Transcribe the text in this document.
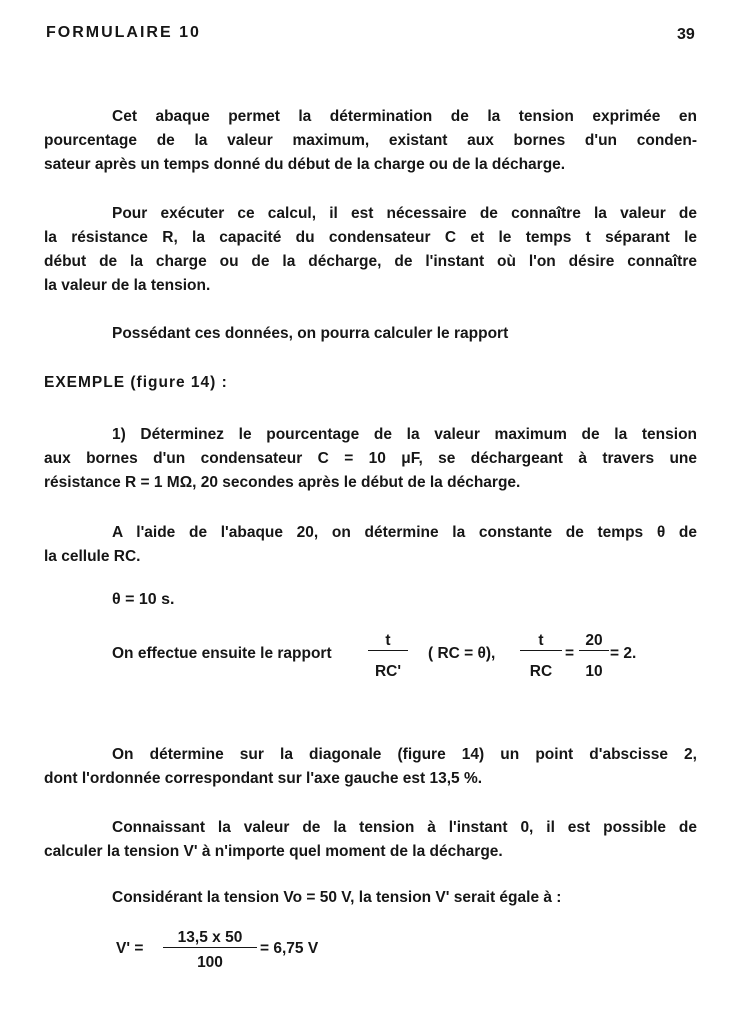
FORMULAIRE 10	39
Cet abaque permet la détermination de la tension exprimée en
pourcentage de la valeur maximum, existant aux bornes d'un conden-
sateur après un temps donné du début de la charge ou de la décharge.
Pour exécuter ce calcul, il est nécessaire de connaître la valeur de
la résistance R, la capacité du condensateur C et le temps t séparant le
début de la charge ou de la décharge, de l'instant où l'on désire connaître
la valeur de la tension.
Possédant ces données, on pourra calculer le rapport
EXEMPLE (figure 14) :
1) Déterminez le pourcentage de la valeur maximum de la tension
aux bornes d'un condensateur C = 10 μF, se déchargeant à travers une
résistance R = 1 MΩ, 20 secondes après le début de la décharge.
A l'aide de l'abaque 20, on détermine la constante de temps θ de
la cellule RC.
θ = 10 s.
On effectue ensuite le rapport
t
RC'
( RC = θ),
t
RC
=
20
10
= 2.
On détermine sur la diagonale (figure 14) un point d'abscisse 2,
dont l'ordonnée correspondant sur l'axe gauche est 13,5 %.
Connaissant la valeur de la tension à l'instant 0, il est possible de
calculer la tension V' à n'importe quel moment de la décharge.
Considérant la tension Vo = 50 V, la tension V' serait égale à :
V' =
13,5 x 50
100
= 6,75 V
